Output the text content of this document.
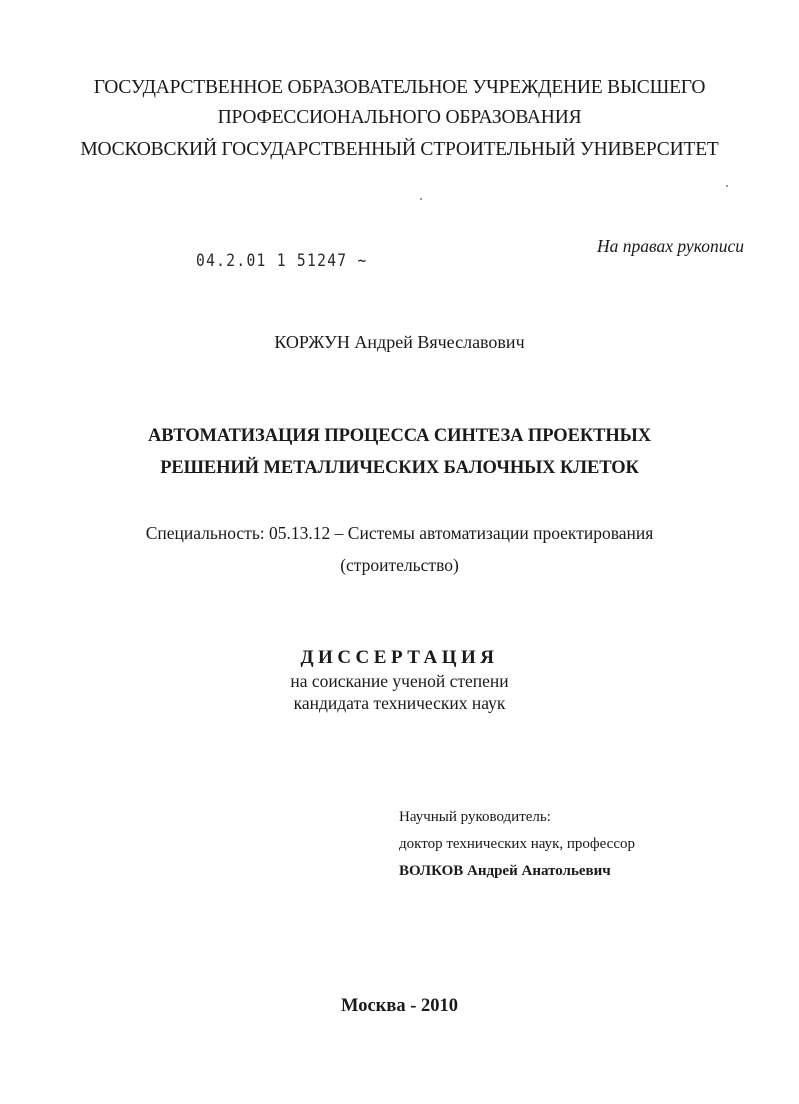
ГОСУДАРСТВЕННОЕ ОБРАЗОВАТЕЛЬНОЕ УЧРЕЖДЕНИЕ ВЫСШЕГО
ПРОФЕССИОНАЛЬНОГО ОБРАЗОВАНИЯ
МОСКОВСКИЙ ГОСУДАРСТВЕННЫЙ СТРОИТЕЛЬНЫЙ УНИВЕРСИТЕТ
На правах рукописи
04.2.01 1 51247 ~
КОРЖУН Андрей Вячеславович
АВТОМАТИЗАЦИЯ ПРОЦЕССА СИНТЕЗА ПРОЕКТНЫХ
РЕШЕНИЙ МЕТАЛЛИЧЕСКИХ БАЛОЧНЫХ КЛЕТОК
Специальность: 05.13.12 – Системы автоматизации проектирования
(строительство)
ДИССЕРТАЦИЯ
на соискание ученой степени
кандидата технических наук
Научный руководитель:
доктор технических наук, профессор
ВОЛКОВ Андрей Анатольевич
Москва - 2010
